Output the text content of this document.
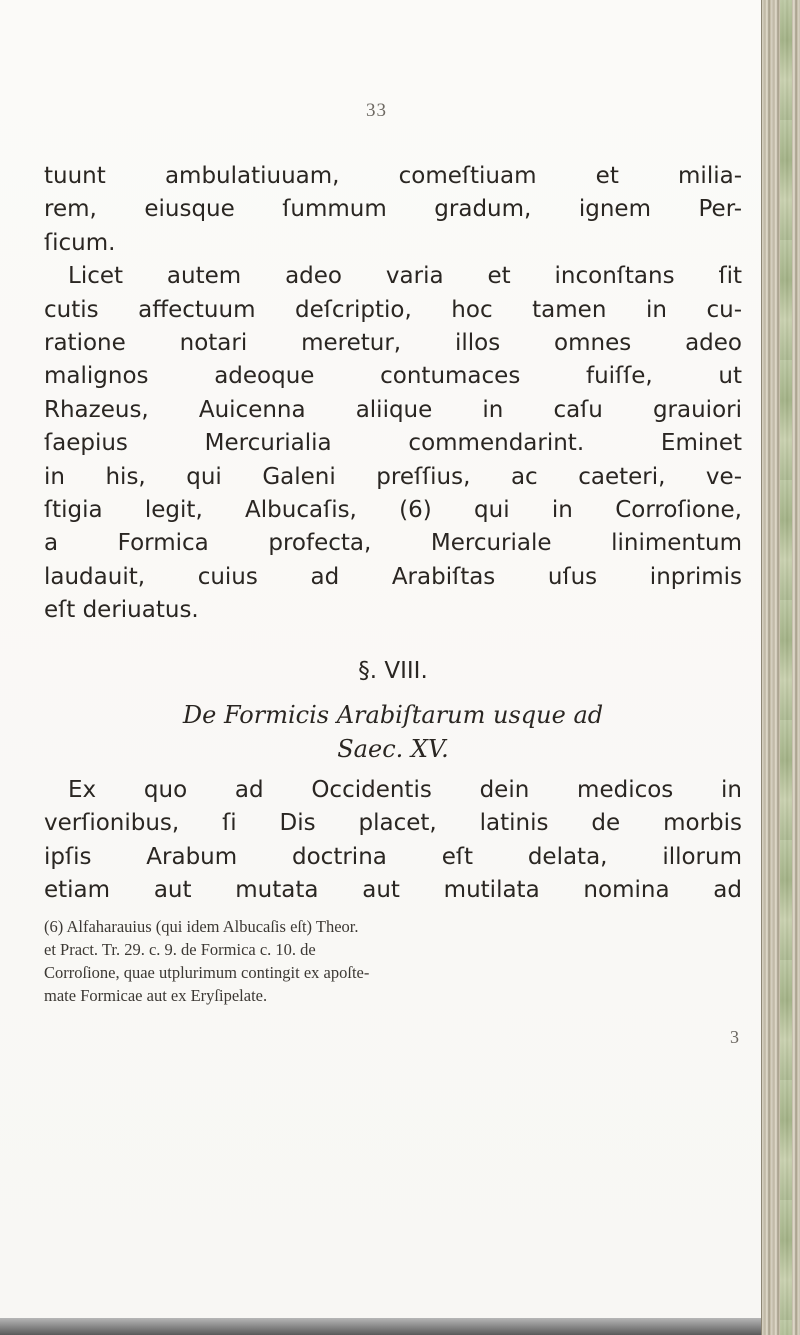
33
tuunt ambulatiuuam, comeſtiuam et milia-
rem, eiusque ſummum gradum, ignem Per-
ſicum.
Licet autem adeo varia et inconſtans ſit
cutis affectuum deſcriptio, hoc tamen in cu-
ratione notari meretur, illos omnes adeo
malignos adeoque contumaces fuiſſe, ut
Rhazeus, Auicenna aliique in caſu grauiori
ſaepius Mercurialia commendarint. Eminet
in his, qui Galeni preſſius, ac caeteri, ve-
ſtigia legit, Albucaſis, (6) qui in Corroſione,
a Formica profecta, Mercuriale linimentum
laudauit, cuius ad Arabiſtas uſus inprimis
eſt deriuatus.
§. VIII.
De Formicis Arabiſtarum usque ad
Saec. XV.
Ex quo ad Occidentis dein medicos in
verſionibus, ſi Dis placet, latinis de morbis
ipſis Arabum doctrina eſt delata, illorum
etiam aut mutata aut mutilata nomina ad
(6) Alfaharauius (qui idem Albucaſis eſt) Theor.
et Pract. Tr. 29. c. 9. de Formica c. 10. de
Corroſione, quae utplurimum contingit ex apoſte-
mate Formicae aut ex Eryſipelate.
3
